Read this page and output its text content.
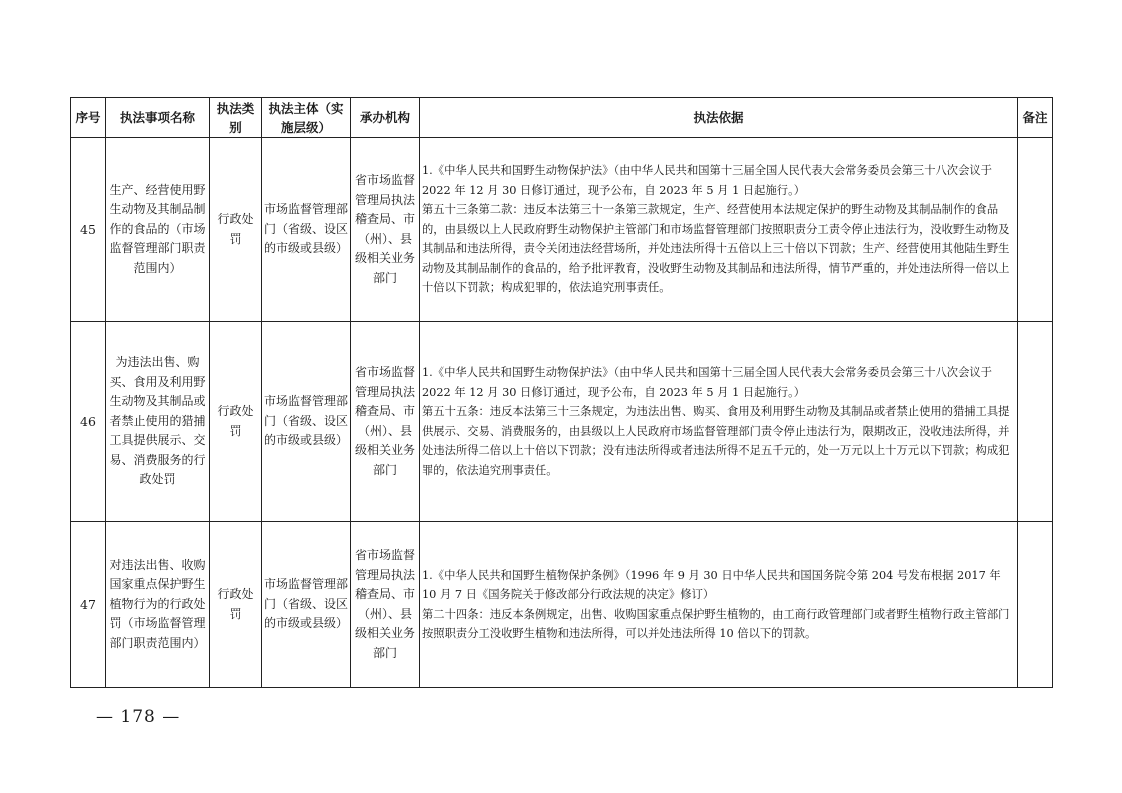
序号	执法事项名称	执法类别	执法主体（实施层级）	承办机构	执法依据	备注
45	生产、经营使用野生动物及其制品制作的食品的（市场监督管理部门职责范围内）	行政处罚	市场监督管理部门（省级、设区的市级或县级）	省市场监督管理局执法稽查局、市（州）、县级相关业务部门	1.《中华人民共和国野生动物保护法》（由中华人民共和国第十三届全国人民代表大会常务委员会第三十八次会议于 2022 年 12 月 30 日修订通过，现予公布，自 2023 年 5 月 1 日起施行。）
第五十三条第二款：违反本法第三十一条第三款规定，生产、经营使用本法规定保护的野生动物及其制品制作的食品的，由县级以上人民政府野生动物保护主管部门和市场监督管理部门按照职责分工责令停止违法行为，没收野生动物及其制品和违法所得，责令关闭违法经营场所，并处违法所得十五倍以上三十倍以下罚款；生产、经营使用其他陆生野生动物及其制品制作的食品的，给予批评教育，没收野生动物及其制品和违法所得，情节严重的，并处违法所得一倍以上十倍以下罚款；构成犯罪的，依法追究刑事责任。	

46	为违法出售、购买、食用及利用野生动物及其制品或者禁止使用的猎捕工具提供展示、交易、消费服务的行政处罚	行政处罚	市场监督管理部门（省级、设区的市级或县级）	省市场监督管理局执法稽查局、市（州）、县级相关业务部门	1.《中华人民共和国野生动物保护法》（由中华人民共和国第十三届全国人民代表大会常务委员会第三十八次会议于 2022 年 12 月 30 日修订通过，现予公布，自 2023 年 5 月 1 日起施行。）
第五十五条：违反本法第三十三条规定，为违法出售、购买、食用及利用野生动物及其制品或者禁止使用的猎捕工具提供展示、交易、消费服务的，由县级以上人民政府市场监督管理部门责令停止违法行为，限期改正，没收违法所得，并处违法所得二倍以上十倍以下罚款；没有违法所得或者违法所得不足五千元的，处一万元以上十万元以下罚款；构成犯罪的，依法追究刑事责任。	

47	对违法出售、收购国家重点保护野生植物行为的行政处罚（市场监督管理部门职责范围内）	行政处罚	市场监督管理部门（省级、设区的市级或县级）	省市场监督管理局执法稽查局、市（州）、县级相关业务部门	1.《中华人民共和国野生植物保护条例》（1996 年 9 月 30 日中华人民共和国国务院令第 204 号发布根据 2017 年 10 月 7 日《国务院关于修改部分行政法规的决定》修订）
第二十四条：违反本条例规定，出售、收购国家重点保护野生植物的，由工商行政管理部门或者野生植物行政主管部门按照职责分工没收野生植物和违法所得，可以并处违法所得 10 倍以下的罚款。	

— 178 —
